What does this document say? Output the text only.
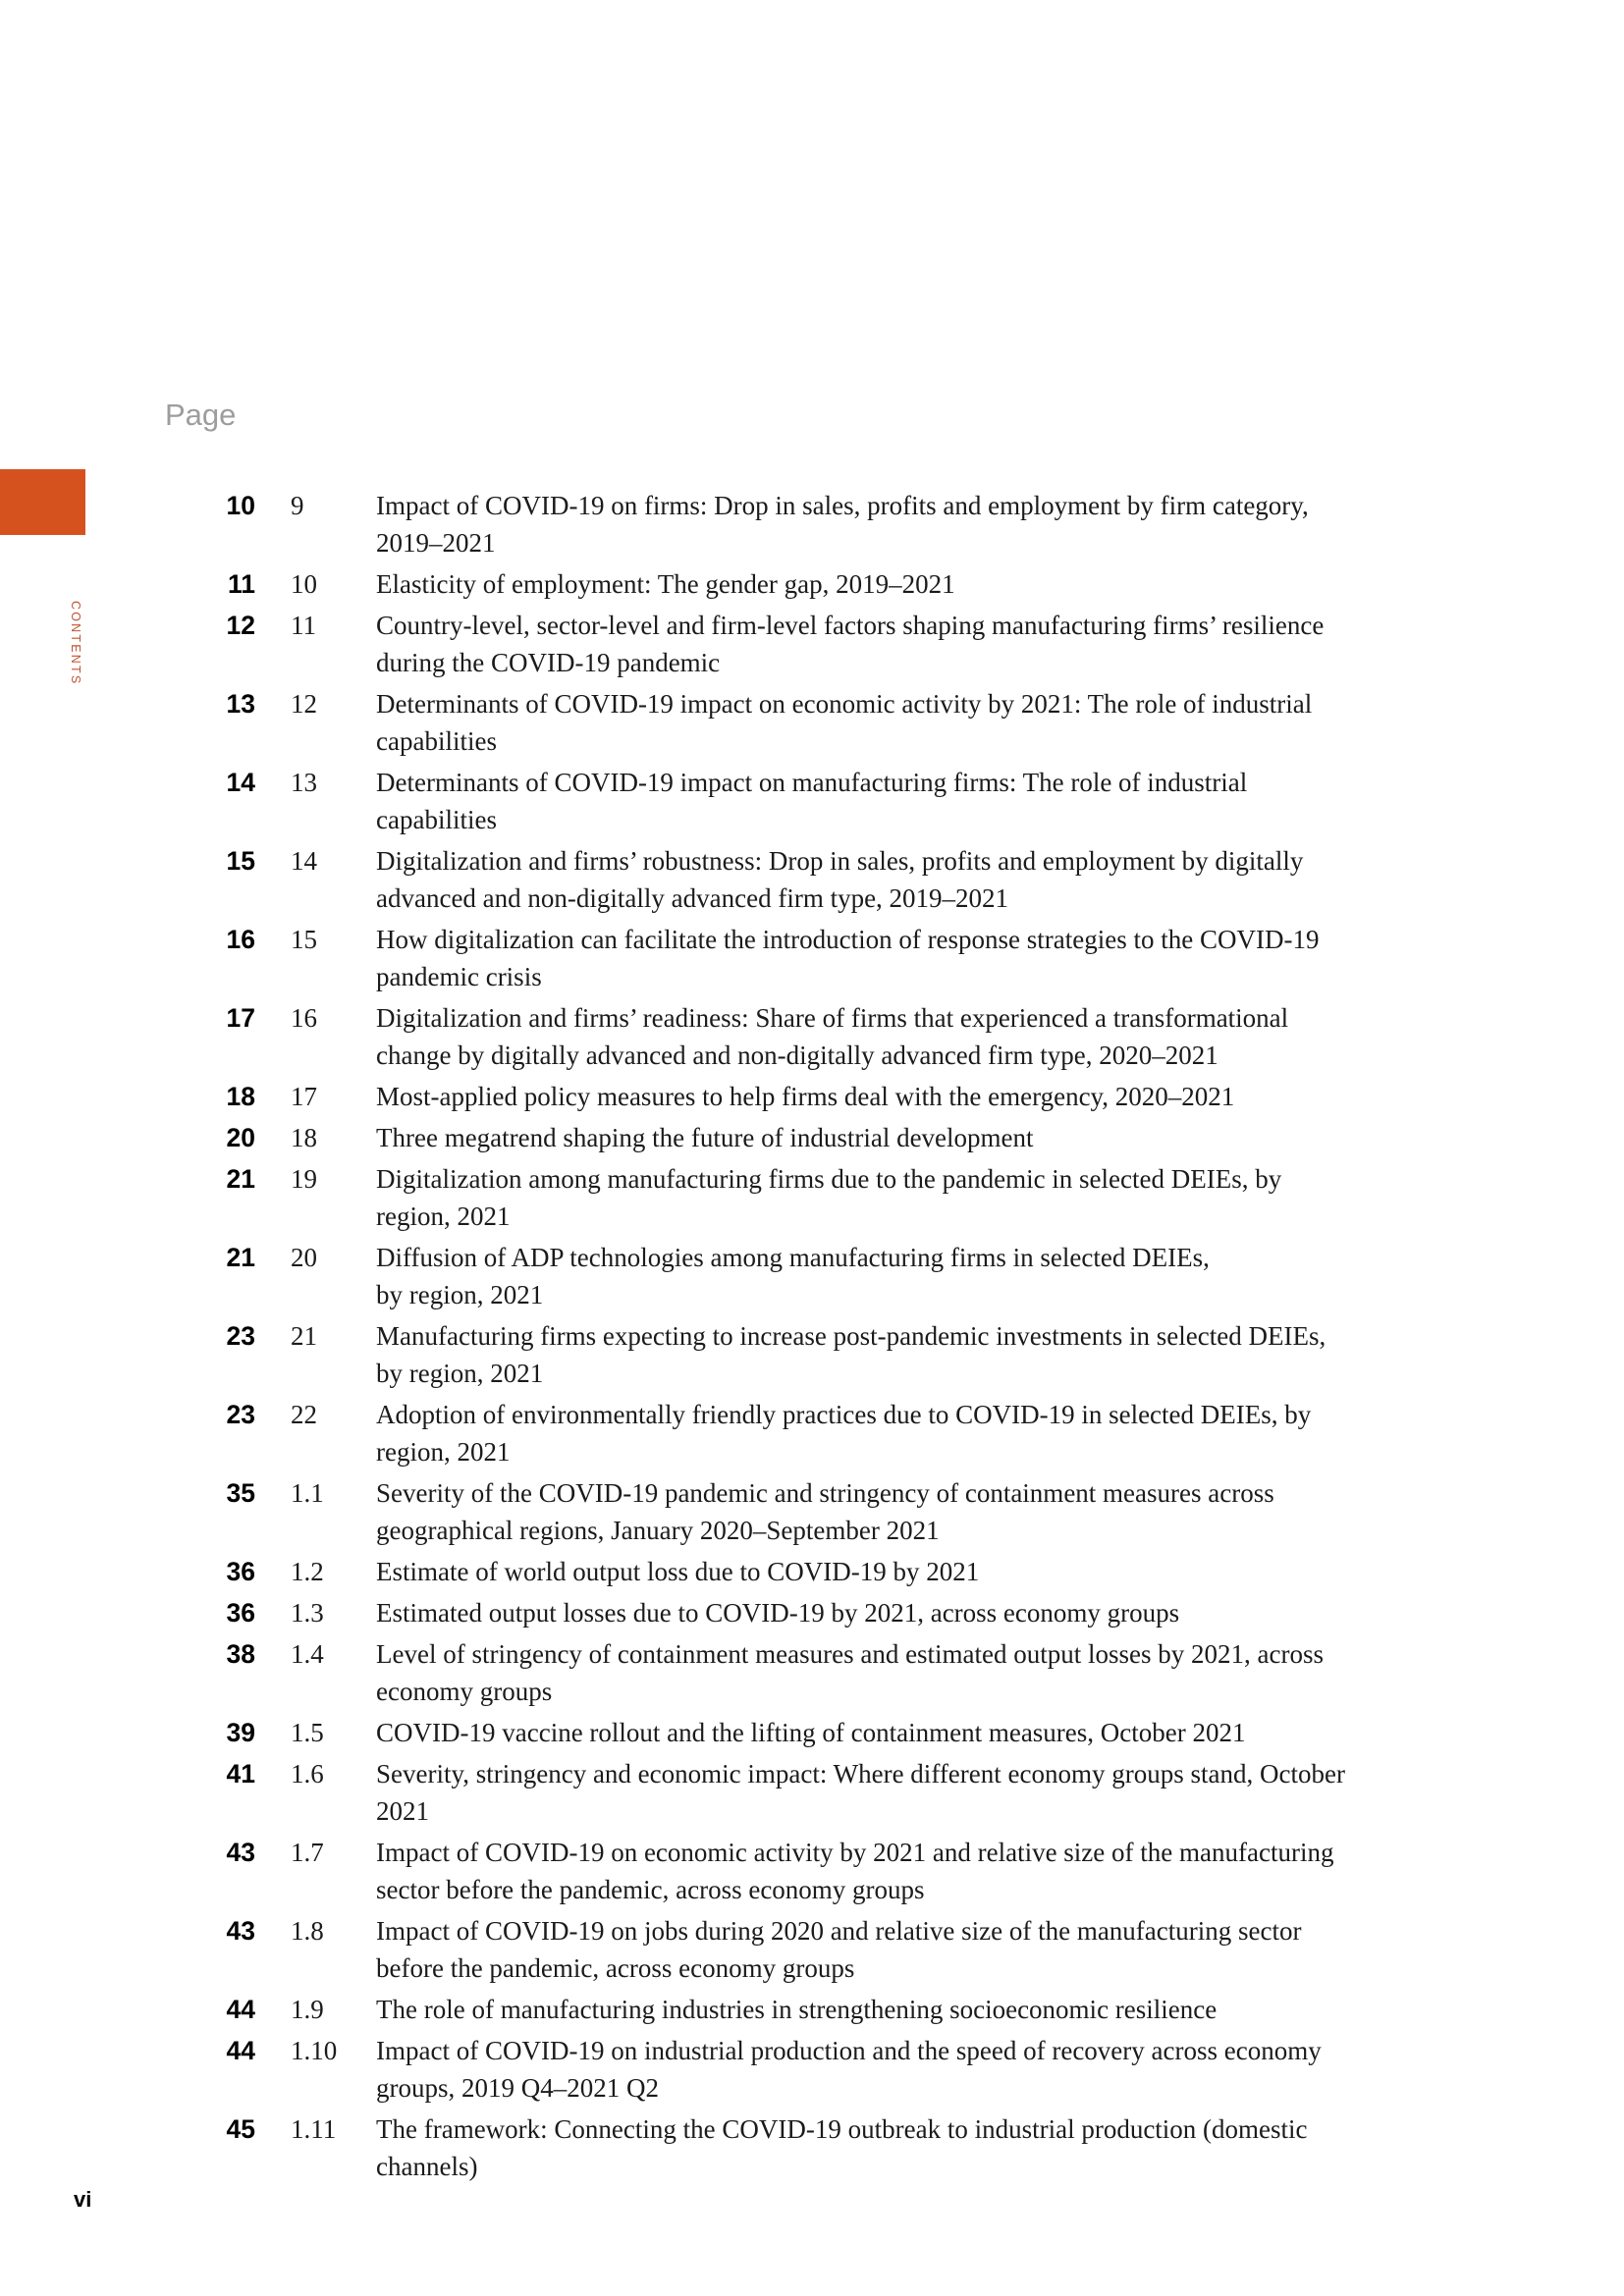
CONTENTS
Page
10	9	Impact of COVID-19 on firms: Drop in sales, profits and employment by firm category,
2019–2021
11	10	Elasticity of employment: The gender gap, 2019–2021
12	11	Country-level, sector-level and firm-level factors shaping manufacturing firms’ resilience
during the COVID-19 pandemic
13	12	Determinants of COVID-19 impact on economic activity by 2021: The role of industrial
capabilities
14	13	Determinants of COVID-19 impact on manufacturing firms: The role of industrial
capabilities
15	14	Digitalization and firms’ robustness: Drop in sales, profits and employment by digitally
advanced and non-digitally advanced firm type, 2019–2021
16	15	How digitalization can facilitate the introduction of response strategies to the COVID-19
pandemic crisis
17	16	Digitalization and firms’ readiness: Share of firms that experienced a transformational
change by digitally advanced and non-digitally advanced firm type, 2020–2021
18	17	Most-applied policy measures to help firms deal with the emergency, 2020–2021
20	18	Three megatrend shaping the future of industrial development
21	19	Digitalization among manufacturing firms due to the pandemic in selected DEIEs, by
region, 2021
21	20	Diffusion of ADP technologies among manufacturing firms in selected DEIEs,
by region, 2021
23	21	Manufacturing firms expecting to increase post-pandemic investments in selected DEIEs,
by region, 2021
23	22	Adoption of environmentally friendly practices due to COVID-19 in selected DEIEs, by
region, 2021
35	1.1	Severity of the COVID-19 pandemic and stringency of containment measures across
geographical regions, January 2020–September 2021
36	1.2	Estimate of world output loss due to COVID-19 by 2021
36	1.3	Estimated output losses due to COVID-19 by 2021, across economy groups
38	1.4	Level of stringency of containment measures and estimated output losses by 2021, across
economy groups
39	1.5	COVID-19 vaccine rollout and the lifting of containment measures, October 2021
41	1.6	Severity, stringency and economic impact: Where different economy groups stand, October
2021
43	1.7	Impact of COVID-19 on economic activity by 2021 and relative size of the manufacturing
sector before the pandemic, across economy groups
43	1.8	Impact of COVID-19 on jobs during 2020 and relative size of the manufacturing sector
before the pandemic, across economy groups
44	1.9	The role of manufacturing industries in strengthening socioeconomic resilience
44	1.10	Impact of COVID-19 on industrial production and the speed of recovery across economy
groups, 2019 Q4–2021 Q2
45	1.11	The framework: Connecting the COVID-19 outbreak to industrial production (domestic
channels)
vi
